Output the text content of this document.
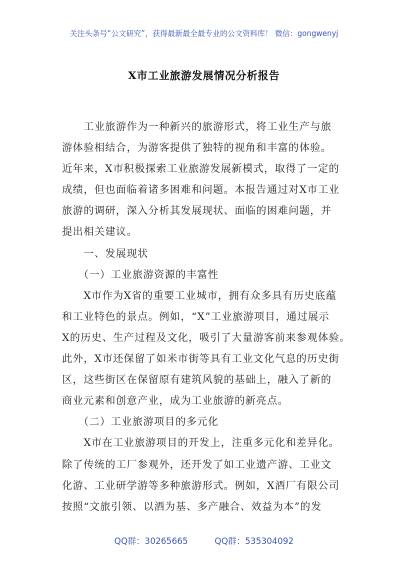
关注头条号“公文研究”，获得最新最全最专业的公文资料库！ 微信：gongwenyj
X市工业旅游发展情况分析报告
　　工业旅游作为一种新兴的旅游形式，将工业生产与旅
游体验相结合，为游客提供了独特的视角和丰富的体验。
近年来，X市积极探索工业旅游发展新模式，取得了一定的
成绩，但也面临着诸多困难和问题。本报告通过对X市工业
旅游的调研，深入分析其发展现状、面临的困难问题，并
提出相关建议。
　　一、发展现状
　　（一）工业旅游资源的丰富性
　　X市作为X省的重要工业城市，拥有众多具有历史底蕴
和工业特色的景点。例如，“X”工业旅游项目，通过展示
X的历史、生产过程及文化，吸引了大量游客前来参观体验。
此外，X市还保留了如米市街等具有工业文化气息的历史街
区，这些街区在保留原有建筑风貌的基础上，融入了新的
商业元素和创意产业，成为工业旅游的新亮点。
　　（二）工业旅游项目的多元化
　　X市在工业旅游项目的开发上，注重多元化和差异化。
除了传统的工厂参观外，还开发了如工业遗产游、工业文
化游、工业研学游等多种旅游形式。例如，X酒厂有限公司
按照“文旅引领、以酒为基、多产融合、效益为本”的发
QQ群：30265665	QQ群：535304092
